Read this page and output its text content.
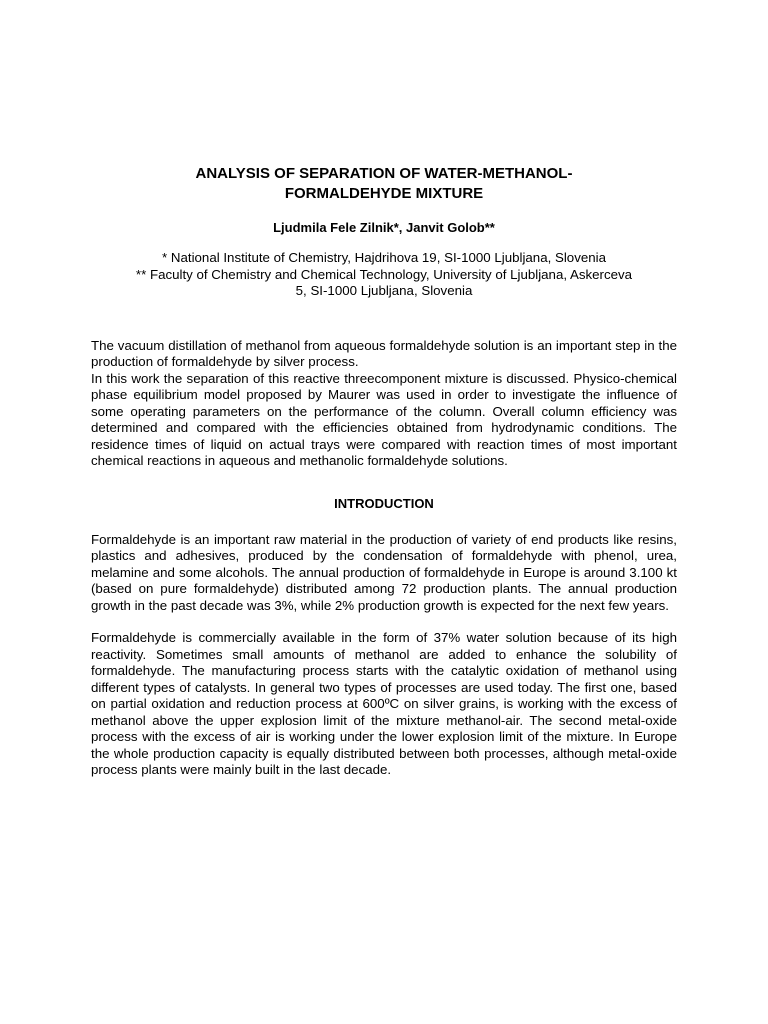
ANALYSIS OF SEPARATION OF WATER-METHANOL-
FORMALDEHYDE MIXTURE
Ljudmila Fele Zilnik*, Janvit Golob**
* National Institute of Chemistry, Hajdrihova 19, SI-1000 Ljubljana, Slovenia
** Faculty of Chemistry and Chemical Technology, University of Ljubljana, Askerceva
5, SI-1000 Ljubljana, Slovenia

The vacuum distillation of methanol from aqueous formaldehyde solution is an important step in the production of formaldehyde by silver process.

In this work the separation of this reactive threecomponent mixture is discussed. Physico-chemical phase equilibrium model proposed by Maurer was used in order to investigate the influence of some operating parameters on the performance of the column. Overall column efficiency was determined and compared with the efficiencies obtained from hydrodynamic conditions. The residence times of liquid on actual trays were compared with reaction times of most important chemical reactions in aqueous and methanolic formaldehyde solutions.

INTRODUCTION

Formaldehyde is an important raw material in the production of variety of end products like resins, plastics and adhesives, produced by the condensation of formaldehyde with phenol, urea, melamine and some alcohols. The annual production of formaldehyde in Europe is around 3.100 kt (based on pure formaldehyde) distributed among 72 production plants. The annual production growth in the past decade was 3%, while 2% production growth is expected for the next few years.

Formaldehyde is commercially available in the form of 37% water solution because of its high reactivity. Sometimes small amounts of methanol are added to enhance the solubility of formaldehyde. The manufacturing process starts with the catalytic oxidation of methanol using different types of catalysts. In general two types of processes are used today. The first one, based on partial oxidation and reduction process at 600ºC on silver grains, is working with the excess of methanol above the upper explosion limit of the mixture methanol-air. The second metal-oxide process with the excess of air is working under the lower explosion limit of the mixture. In Europe the whole production capacity is equally distributed between both processes, although metal-oxide process plants were mainly built in the last decade.
